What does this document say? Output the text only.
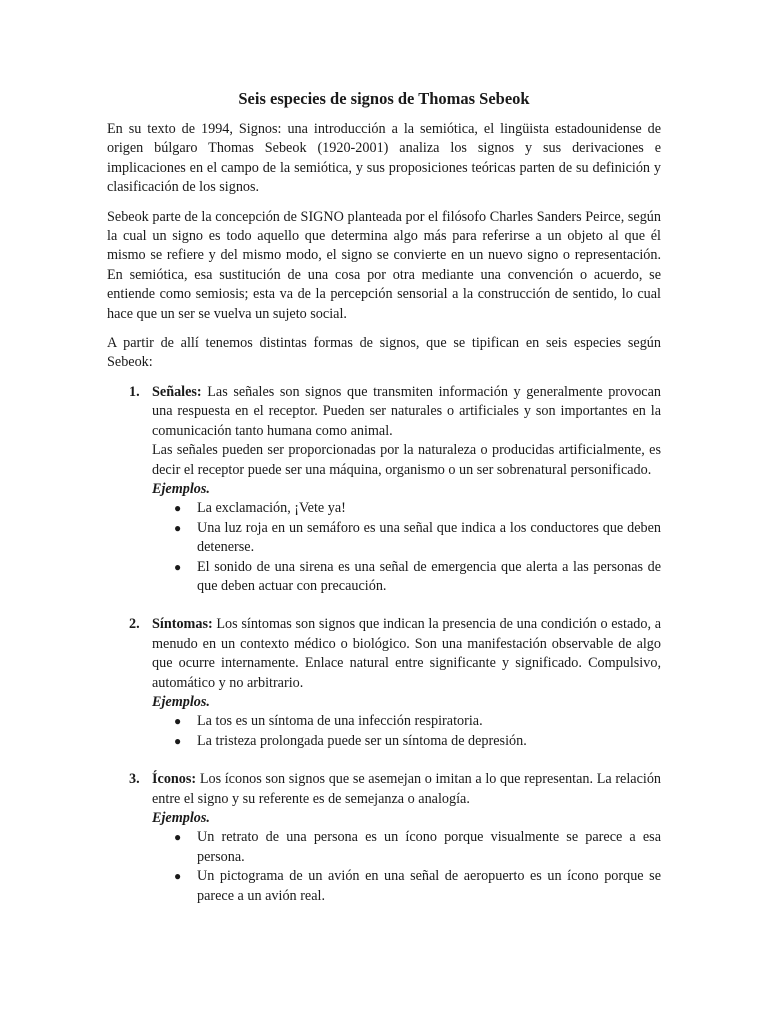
Seis especies de signos de Thomas Sebeok

En su texto de 1994, Signos: una introducción a la semiótica, el lingüista estadounidense de origen búlgaro Thomas Sebeok (1920-2001) analiza los signos y sus derivaciones e implicaciones en el campo de la semiótica, y sus proposiciones teóricas parten de su definición y clasificación de los signos.

Sebeok parte de la concepción de SIGNO planteada por el filósofo Charles Sanders Peirce, según la cual un signo es todo aquello que determina algo más para referirse a un objeto al que él mismo se refiere y del mismo modo, el signo se convierte en un nuevo signo o representación. En semiótica, esa sustitución de una cosa por otra mediante una convención o acuerdo, se entiende como semiosis; esta va de la percepción sensorial a la construcción de sentido, lo cual hace que un ser se vuelva un sujeto social.

A partir de allí tenemos distintas formas de signos, que se tipifican en seis especies según Sebeok:

1. Señales: Las señales son signos que transmiten información y generalmente provocan una respuesta en el receptor. Pueden ser naturales o artificiales y son importantes en la comunicación tanto humana como animal.

Las señales pueden ser proporcionadas por la naturaleza o producidas artificialmente, es decir el receptor puede ser una máquina, organismo o un ser sobrenatural personificado.

Ejemplos.

● La exclamación, ¡Vete ya!
● Una luz roja en un semáforo es una señal que indica a los conductores que deben detenerse.
● El sonido de una sirena es una señal de emergencia que alerta a las personas de que deben actuar con precaución.
2. Síntomas: Los síntomas son signos que indican la presencia de una condición o estado, a menudo en un contexto médico o biológico. Son una manifestación observable de algo que ocurre internamente. Enlace natural entre significante y significado. Compulsivo, automático y no arbitrario.

Ejemplos.

● La tos es un síntoma de una infección respiratoria.
● La tristeza prolongada puede ser un síntoma de depresión.
3. Íconos: Los íconos son signos que se asemejan o imitan a lo que representan. La relación entre el signo y su referente es de semejanza o analogía.

Ejemplos.

● Un retrato de una persona es un ícono porque visualmente se parece a esa persona.
● Un pictograma de un avión en una señal de aeropuerto es un ícono porque se parece a un avión real.
